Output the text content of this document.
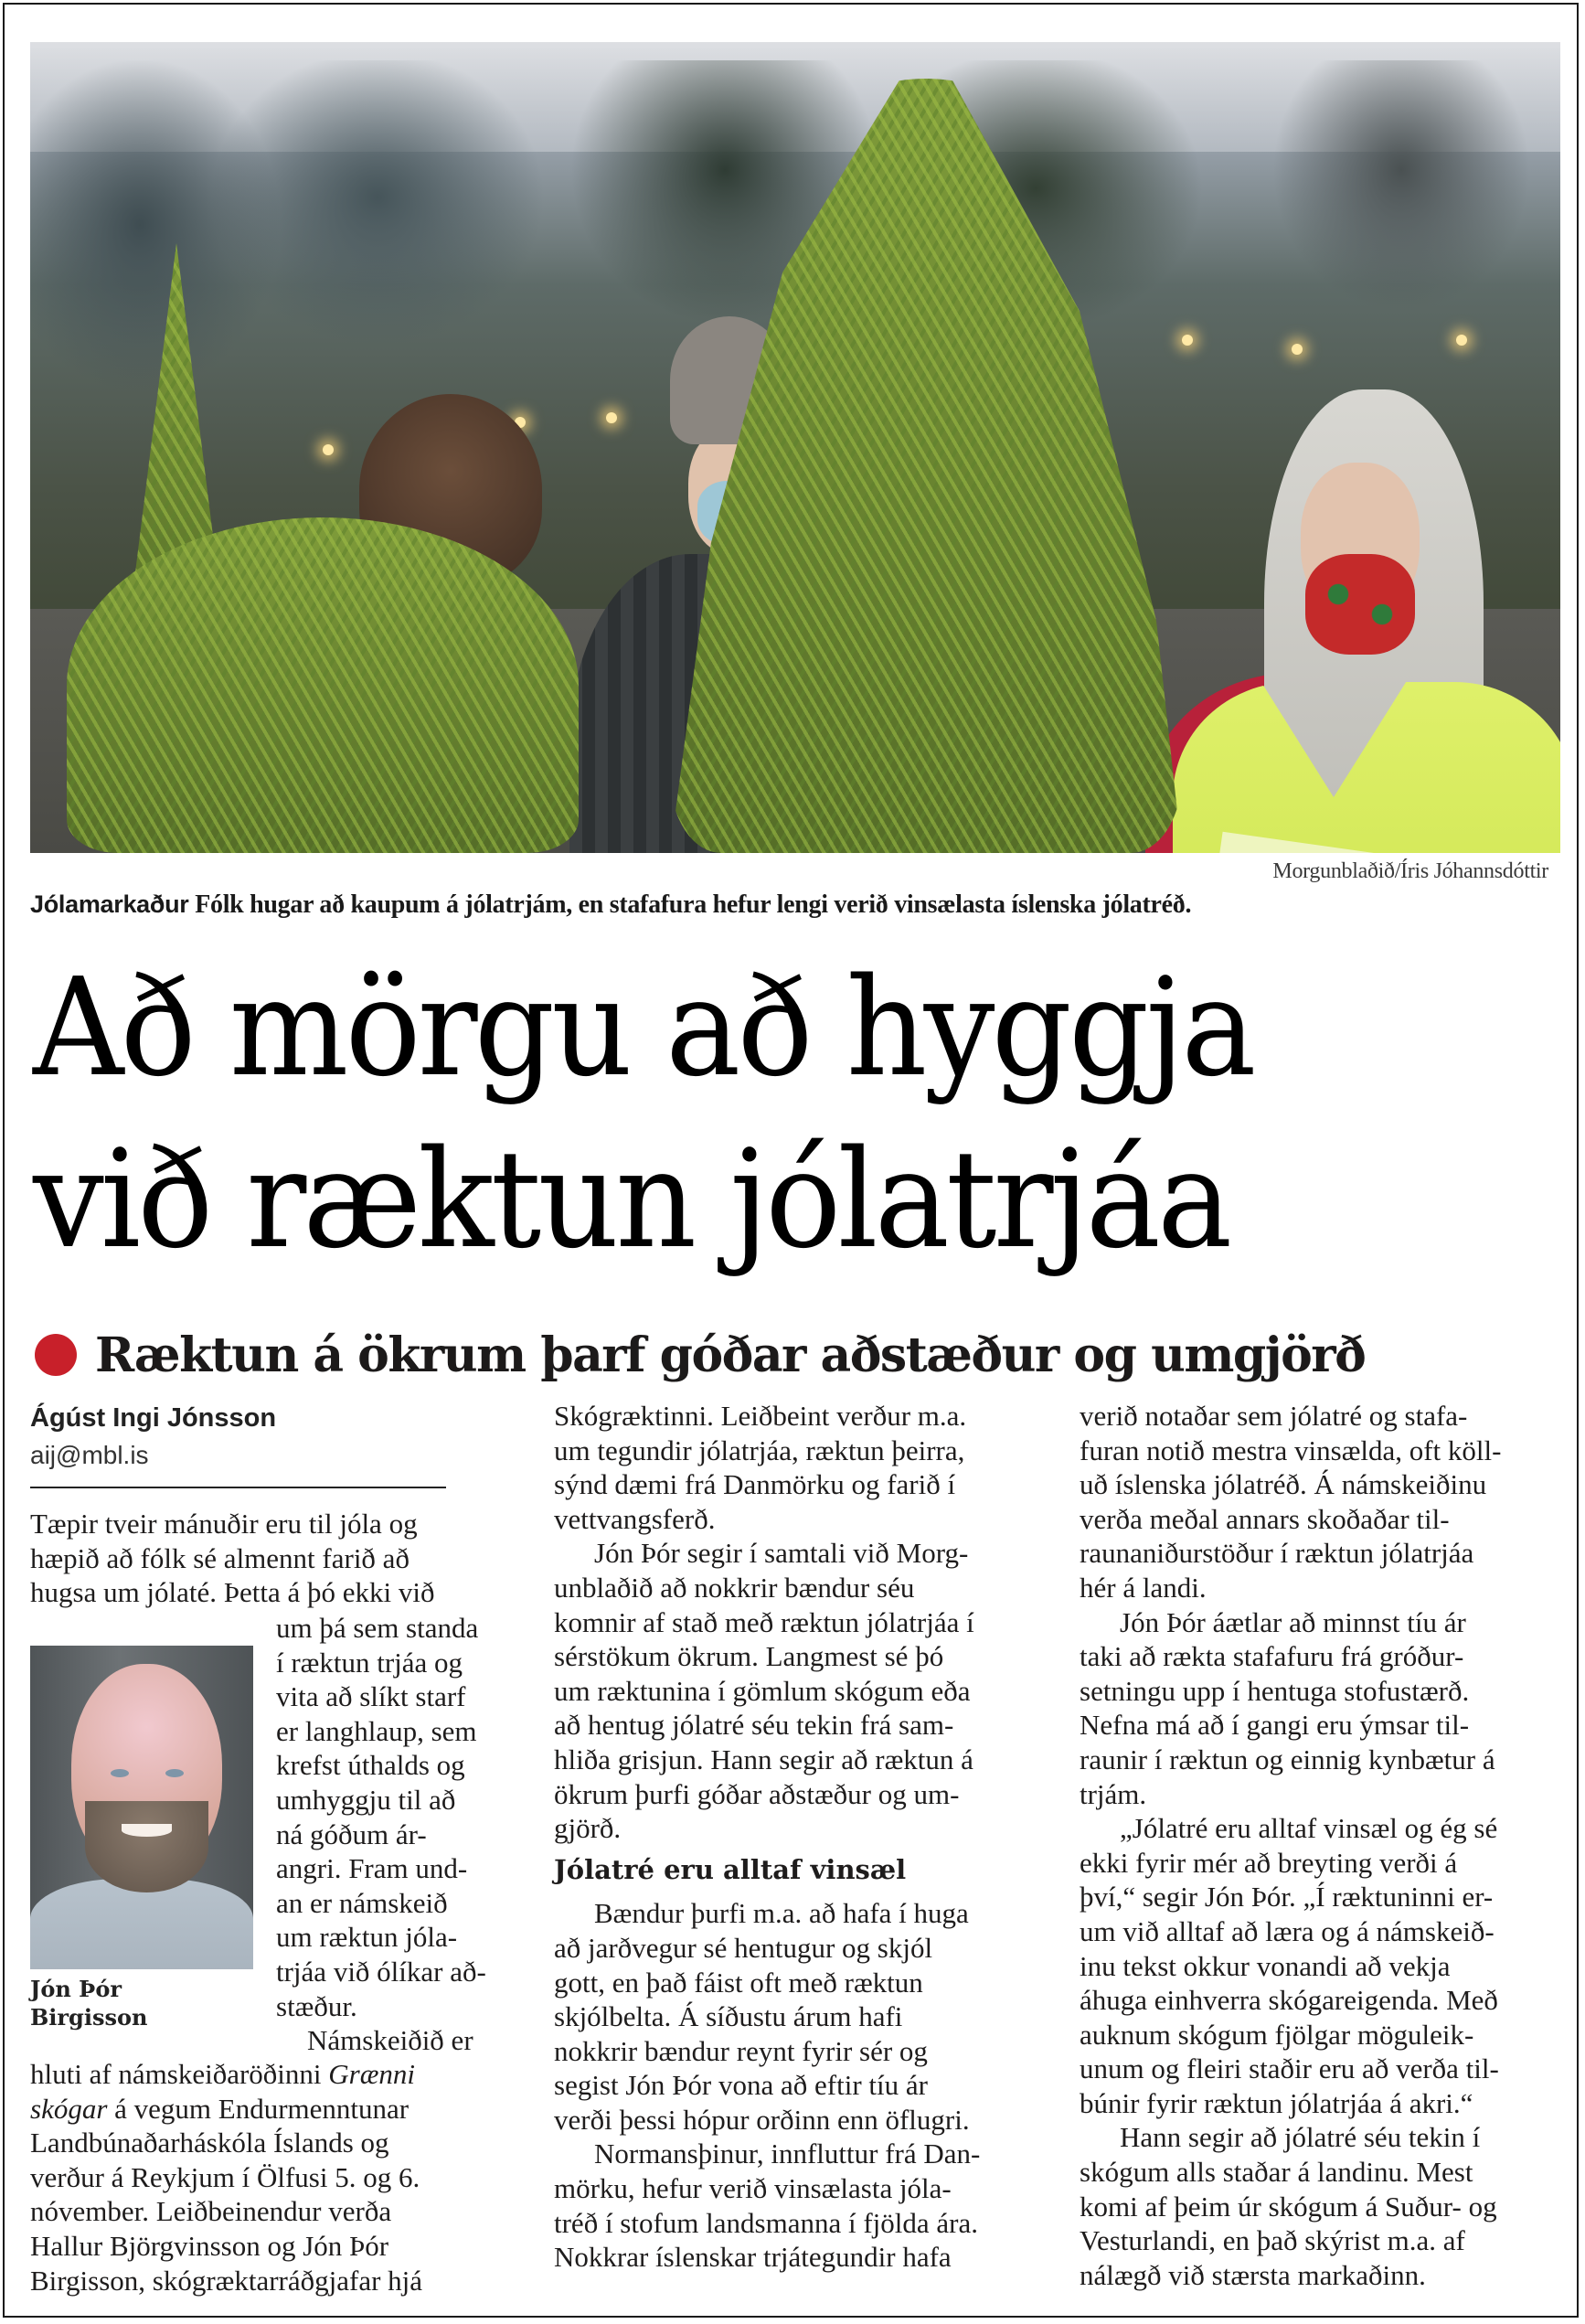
Morgunblaðið/Íris Jóhannsdóttir
Jólamarkaður Fólk hugar að kaupum á jólatrjám, en stafafura hefur lengi verið vinsælasta íslenska jólatréð.
Að mörgu að hyggja
við ræktun jólatrjáa
Ræktun á ökrum þarf góðar aðstæður og umgjörð
Ágúst Ingi Jónsson
aij@mbl.is
Tæpir tveir mánuðir eru til jóla og
hæpið að fólk sé almennt farið að
hugsa um jólaté. Þetta á þó ekki við
Jón Þór
Birgisson
um þá sem standa
í ræktun trjáa og
vita að slíkt starf
er langhlaup, sem
krefst úthalds og
umhyggju til að
ná góðum ár-
angri. Fram und-
an er námskeið
um ræktun jóla-
trjáa við ólíkar að-
stæður.
Námskeiðið er
hluti af námskeiðaröðinni Grænni
skógar á vegum Endurmenntunar
Landbúnaðarháskóla Íslands og
verður á Reykjum í Ölfusi 5. og 6.
nóvember. Leiðbeinendur verða
Hallur Björgvinsson og Jón Þór
Birgisson, skógræktarráðgjafar hjá
Skógræktinni. Leiðbeint verður m.a.
um tegundir jólatrjáa, ræktun þeirra,
sýnd dæmi frá Danmörku og farið í
vettvangsferð.
Jón Þór segir í samtali við Morg-
unblaðið að nokkrir bændur séu
komnir af stað með ræktun jólatrjáa í
sérstökum ökrum. Langmest sé þó
um ræktunina í gömlum skógum eða
að hentug jólatré séu tekin frá sam-
hliða grisjun. Hann segir að ræktun á
ökrum þurfi góðar aðstæður og um-
gjörð.
Jólatré eru alltaf vinsæl
Bændur þurfi m.a. að hafa í huga
að jarðvegur sé hentugur og skjól
gott, en það fáist oft með ræktun
skjólbelta. Á síðustu árum hafi
nokkrir bændur reynt fyrir sér og
segist Jón Þór vona að eftir tíu ár
verði þessi hópur orðinn enn öflugri.
Normansþinur, innfluttur frá Dan-
mörku, hefur verið vinsælasta jóla-
tréð í stofum landsmanna í fjölda ára.
Nokkrar íslenskar trjátegundir hafa
verið notaðar sem jólatré og stafa-
furan notið mestra vinsælda, oft köll-
uð íslenska jólatréð. Á námskeiðinu
verða meðal annars skoðaðar til-
raunaniðurstöður í ræktun jólatrjáa
hér á landi.
Jón Þór áætlar að minnst tíu ár
taki að rækta stafafuru frá gróður-
setningu upp í hentuga stofustærð.
Nefna má að í gangi eru ýmsar til-
raunir í ræktun og einnig kynbætur á
trjám.
„Jólatré eru alltaf vinsæl og ég sé
ekki fyrir mér að breyting verði á
því,“ segir Jón Þór. „Í ræktuninni er-
um við alltaf að læra og á námskeið-
inu tekst okkur vonandi að vekja
áhuga einhverra skógareigenda. Með
auknum skógum fjölgar möguleik-
unum og fleiri staðir eru að verða til-
búnir fyrir ræktun jólatrjáa á akri.“
Hann segir að jólatré séu tekin í
skógum alls staðar á landinu. Mest
komi af þeim úr skógum á Suður- og
Vesturlandi, en það skýrist m.a. af
nálægð við stærsta markaðinn.
